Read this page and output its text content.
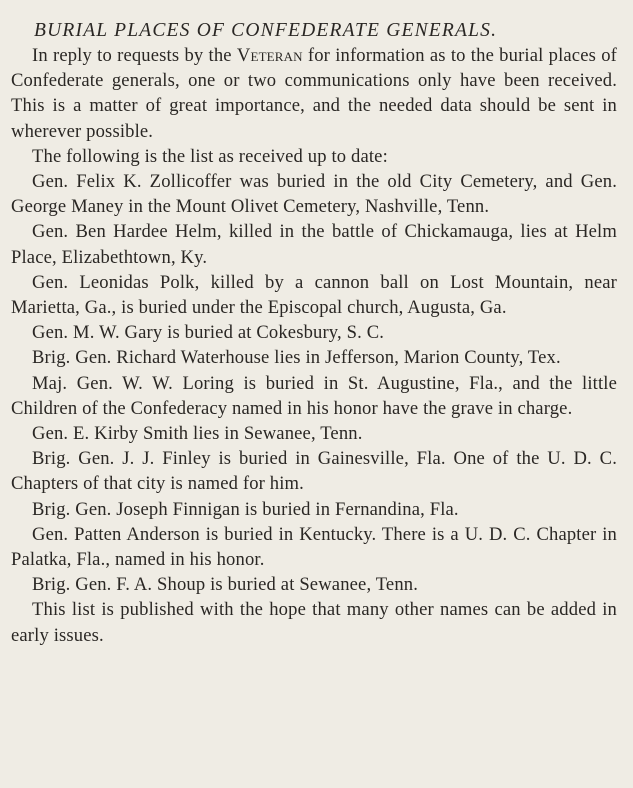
BURIAL PLACES OF CONFEDERATE GENERALS.

In reply to requests by the Veteran for information as to the burial places of Confederate generals, one or two communications only have been received. This is a matter of great importance, and the needed data should be sent in wherever possible.

The following is the list as received up to date:

Gen. Felix K. Zollicoffer was buried in the old City Cemetery, and Gen. George Maney in the Mount Olivet Cemetery, Nashville, Tenn.

Gen. Ben Hardee Helm, killed in the battle of Chickamauga, lies at Helm Place, Elizabethtown, Ky.

Gen. Leonidas Polk, killed by a cannon ball on Lost Mountain, near Marietta, Ga., is buried under the Episcopal church, Augusta, Ga.

Gen. M. W. Gary is buried at Cokesbury, S. C.

Brig. Gen. Richard Waterhouse lies in Jefferson, Marion County, Tex.

Maj. Gen. W. W. Loring is buried in St. Augustine, Fla., and the little Children of the Confederacy named in his honor have the grave in charge.

Gen. E. Kirby Smith lies in Sewanee, Tenn.

Brig. Gen. J. J. Finley is buried in Gainesville, Fla. One of the U. D. C. Chapters of that city is named for him.

Brig. Gen. Joseph Finnigan is buried in Fernandina, Fla.

Gen. Patten Anderson is buried in Kentucky. There is a U. D. C. Chapter in Palatka, Fla., named in his honor.

Brig. Gen. F. A. Shoup is buried at Sewanee, Tenn.

This list is published with the hope that many other names can be added in early issues.
